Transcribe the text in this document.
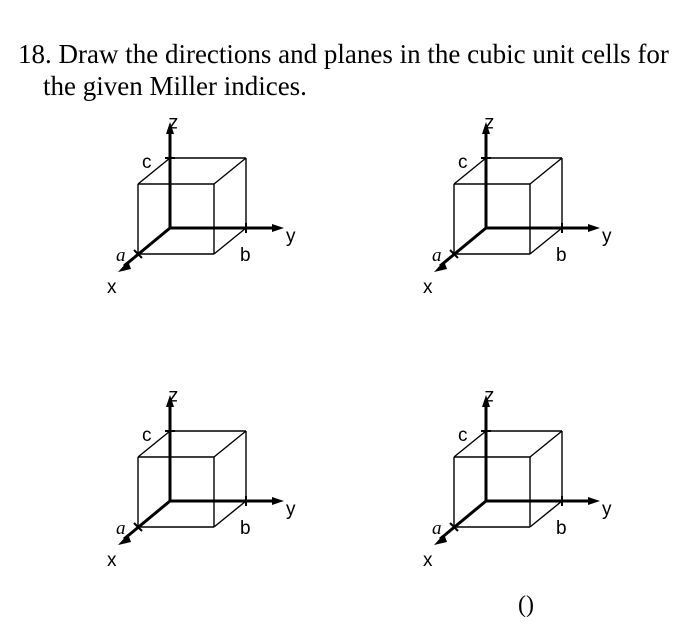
18. Draw the directions and planes in the cubic unit cells for
the given Miller indices.
z
c
y
b
a
x
z
c
y
b
a
x
z
c
y
b
a
x
z
c
y
b
a
x
()
